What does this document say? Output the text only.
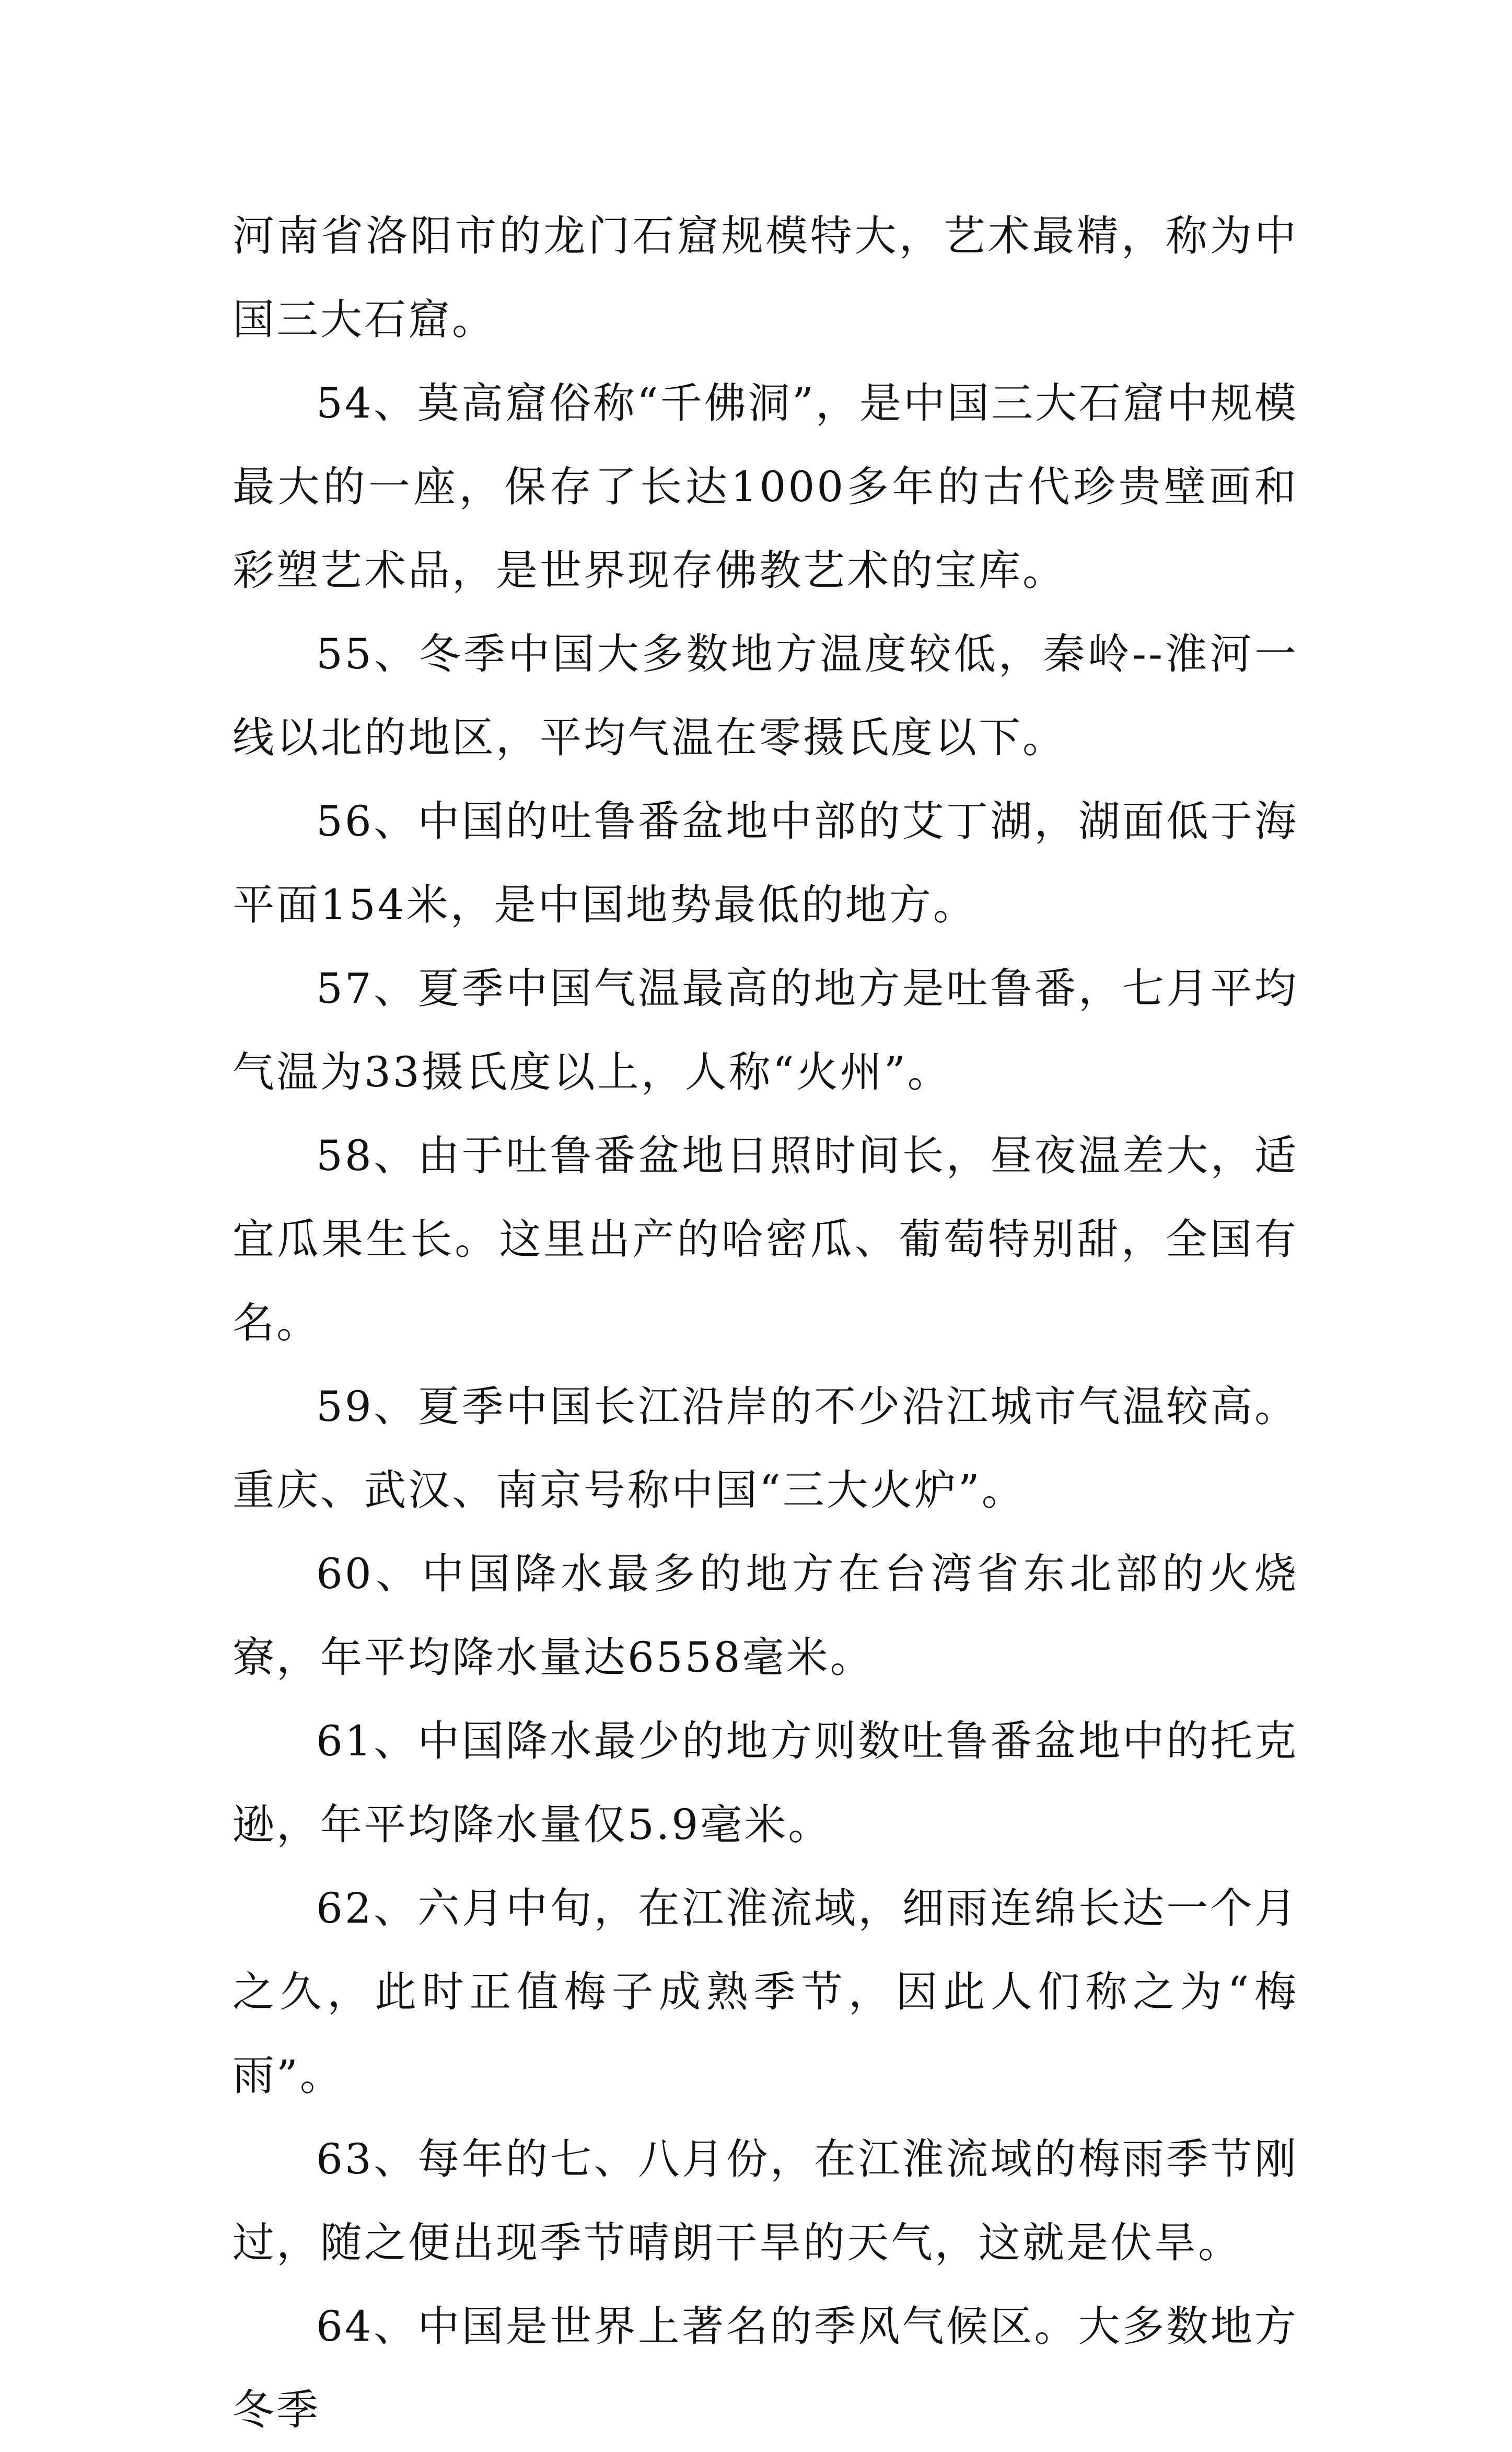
河南省洛阳市的龙门石窟规模特大，艺术最精，称为中国三大石窟。

54、莫高窟俗称“千佛洞”，是中国三大石窟中规模最大的一座，保存了长达1000多年的古代珍贵壁画和彩塑艺术品，是世界现存佛教艺术的宝库。

55、冬季中国大多数地方温度较低，秦岭--淮河一线以北的地区，平均气温在零摄氏度以下。

56、中国的吐鲁番盆地中部的艾丁湖，湖面低于海平面154米，是中国地势最低的地方。

57、夏季中国气温最高的地方是吐鲁番，七月平均气温为33摄氏度以上，人称“火州”。

58、由于吐鲁番盆地日照时间长，昼夜温差大，适宜瓜果生长。这里出产的哈密瓜、葡萄特别甜，全国有名。

59、夏季中国长江沿岸的不少沿江城市气温较高。重庆、武汉、南京号称中国“三大火炉”。

60、中国降水最多的地方在台湾省东北部的火烧寮，年平均降水量达6558毫米。

61、中国降水最少的地方则数吐鲁番盆地中的托克逊，年平均降水量仅5.9毫米。

62、六月中旬，在江淮流域，细雨连绵长达一个月之久，此时正值梅子成熟季节，因此人们称之为“梅雨”。

63、每年的七、八月份，在江淮流域的梅雨季节刚过，随之便出现季节晴朗干旱的天气，这就是伏旱。

64、中国是世界上著名的季风气候区。大多数地方冬季
